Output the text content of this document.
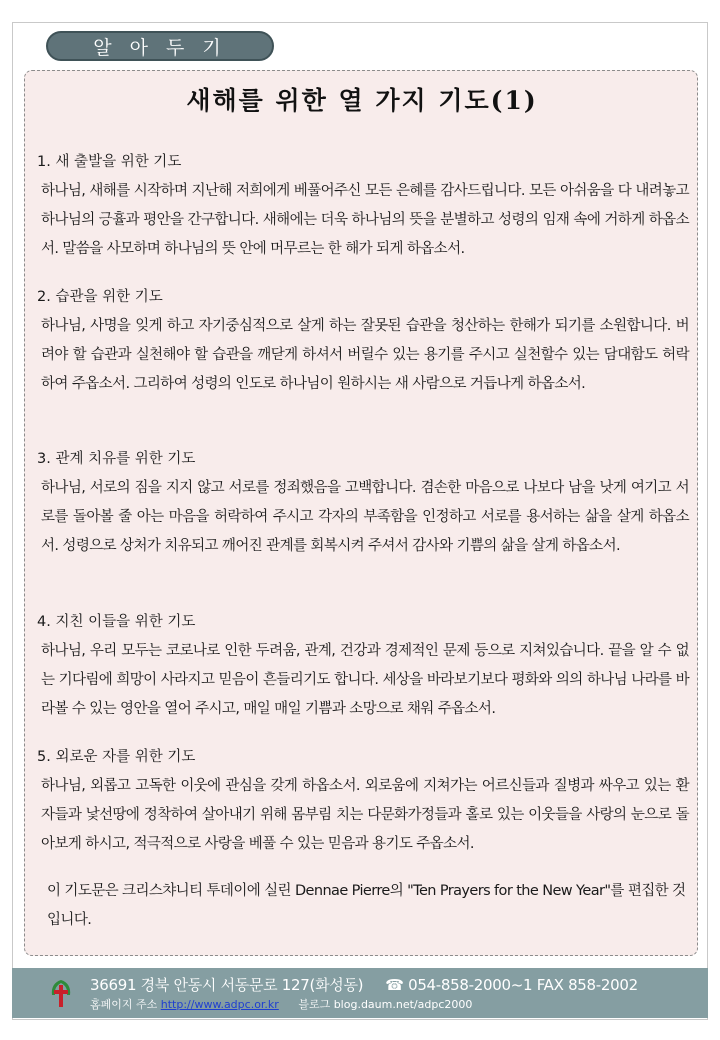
알 아 두 기
새해를 위한 열 가지 기도(1)
1. 새 출발을 위한 기도
하나님, 새해를 시작하며 지난해 저희에게 베풀어주신 모든 은혜를 감사드립니다. 모든 아쉬움을 다 내려놓고 하나님의 긍휼과 평안을 간구합니다. 새해에는 더욱 하나님의 뜻을 분별하고 성령의 임재 속에 거하게 하옵소서. 말씀을 사모하며 하나님의 뜻 안에 머무르는 한 해가 되게 하옵소서.
2. 습관을 위한 기도
하나님, 사명을 잊게 하고 자기중심적으로 살게 하는 잘못된 습관을 청산하는 한해가 되기를 소원합니다. 버려야 할 습관과 실천해야 할 습관을 깨닫게 하셔서 버릴수 있는 용기를 주시고 실천할수 있는 담대함도 허락하여 주옵소서. 그리하여 성령의 인도로 하나님이 원하시는 새 사람으로 거듭나게 하옵소서.
3. 관계 치유를 위한 기도
하나님, 서로의 짐을 지지 않고 서로를 정죄했음을 고백합니다. 겸손한 마음으로 나보다 남을 낫게 여기고 서로를 돌아볼 줄 아는 마음을 허락하여 주시고 각자의 부족함을 인정하고 서로를 용서하는 삶을 살게 하옵소서. 성령으로 상처가 치유되고 깨어진 관계를 회복시켜 주셔서 감사와 기쁨의 삶을 살게 하옵소서.
4. 지친 이들을 위한 기도
하나님, 우리 모두는 코로나로 인한 두려움, 관계, 건강과 경제적인 문제 등으로 지쳐있습니다. 끝을 알 수 없는 기다림에 희망이 사라지고 믿음이 흔들리기도 합니다. 세상을 바라보기보다 평화와 의의 하나님 나라를 바라볼 수 있는 영안을 열어 주시고, 매일 매일 기쁨과 소망으로 채워 주옵소서.
5. 외로운 자를 위한 기도
하나님, 외롭고 고독한 이웃에 관심을 갖게 하옵소서. 외로움에 지쳐가는 어르신들과 질병과 싸우고 있는 환자들과 낯선땅에 정착하여 살아내기 위해 몸부림 치는 다문화가정들과 홀로 있는 이웃들을 사랑의 눈으로 돌아보게 하시고, 적극적으로 사랑을 베풀 수 있는 믿음과 용기도 주옵소서.
이 기도문은 크리스챠니티 투데이에 실린 Dennae Pierre의 "Ten Prayers for the New Year"를 편집한 것입니다.
36691 경북 안동시 서동문로 127(화성동) ☎ 054-858-2000~1 FAX 858-2002
홈페이지 주소 http://www.adpc.or.kr 블로그 blog.daum.net/adpc2000
